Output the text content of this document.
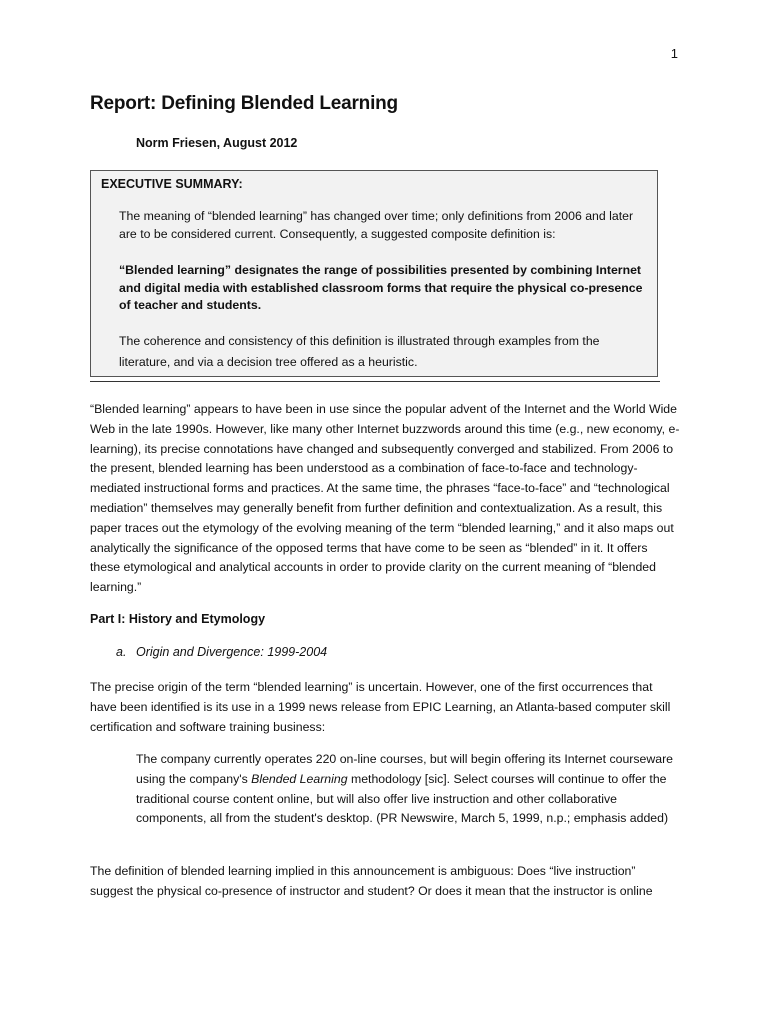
1
Report: Defining Blended Learning
Norm Friesen, August 2012
EXECUTIVE SUMMARY:

The meaning of “blended learning” has changed over time; only definitions from 2006 and later are to be considered current. Consequently, a suggested composite definition is:

“Blended learning” designates the range of possibilities presented by combining Internet and digital media with established classroom forms that require the physical co-presence of teacher and students.

The coherence and consistency of this definition is illustrated through examples from the literature, and via a decision tree offered as a heuristic.

“Blended learning” appears to have been in use since the popular advent of the Internet and the World Wide Web in the late 1990s. However, like many other Internet buzzwords around this time (e.g., new economy, e-learning), its precise connotations have changed and subsequently converged and stabilized. From 2006 to the present, blended learning has been understood as a combination of face-to-face and technology-mediated instructional forms and practices. At the same time, the phrases “face-to-face” and “technological mediation” themselves may generally benefit from further definition and contextualization. As a result, this paper traces out the etymology of the evolving meaning of the term “blended learning,” and it also maps out analytically the significance of the opposed terms that have come to be seen as “blended” in it. It offers these etymological and analytical accounts in order to provide clarity on the current meaning of “blended learning.”

Part I: History and Etymology
a. Origin and Divergence: 1999-2004

The precise origin of the term “blended learning” is uncertain. However, one of the first occurrences that have been identified is its use in a 1999 news release from EPIC Learning, an Atlanta-based computer skill certification and software training business:

The company currently operates 220 on-line courses, but will begin offering its Internet courseware using the company's Blended Learning methodology [sic]. Select courses will continue to offer the traditional course content online, but will also offer live instruction and other collaborative components, all from the student's desktop. (PR Newswire, March 5, 1999, n.p.; emphasis added)

The definition of blended learning implied in this announcement is ambiguous: Does “live instruction” suggest the physical co-presence of instructor and student? Or does it mean that the instructor is online
